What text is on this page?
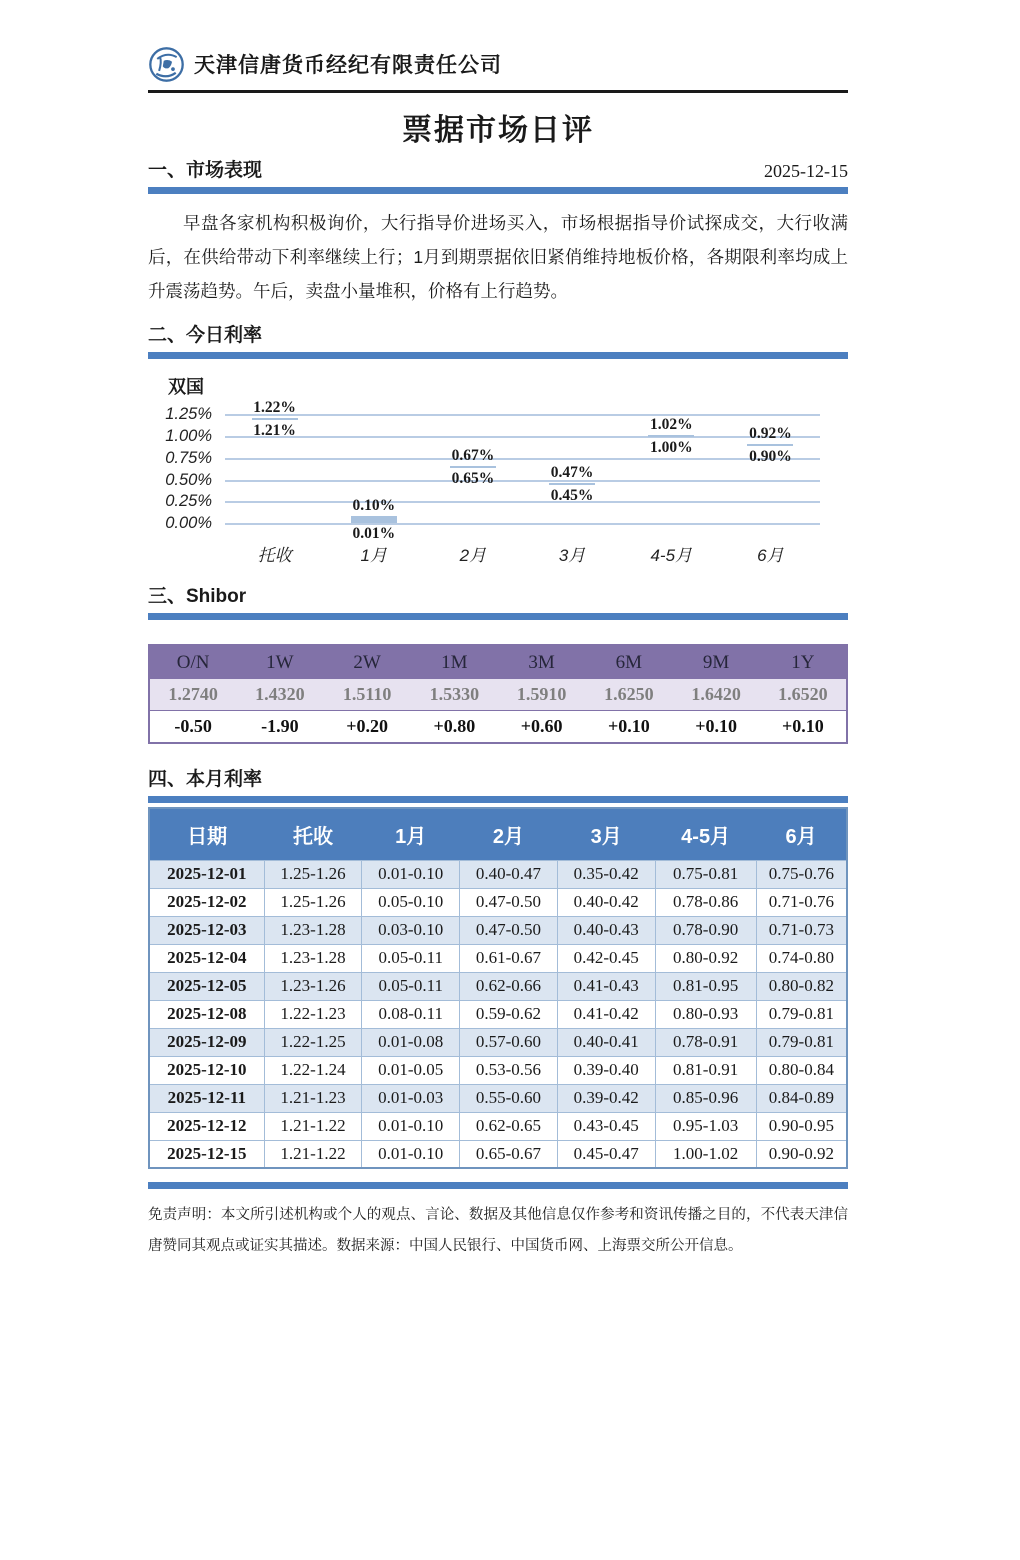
天津信唐货币经纪有限责任公司
票据市场日评
一、市场表现	2025-12-15
早盘各家机构积极询价，大行指导价进场买入，市场根据指导价试探成交，大行收满后，在供给带动下利率继续上行；1月到期票据依旧紧俏维持地板价格，各期限利率均成上升震荡趋势。午后，卖盘小量堆积，价格有上行趋势。
二、今日利率
双国
1.25%
1.00%
0.75%
0.50%
0.25%
0.00%
1.22%
1.21%
托收
0.10%
0.01%
1月
0.67%
0.65%
2月
0.47%
0.45%
3月
1.02%
1.00%
4-5月
0.92%
0.90%
6月
三、Shibor
O/N	1W	2W	1M	3M	6M	9M	1Y
1.2740	1.4320	1.5110	1.5330	1.5910	1.6250	1.6420	1.6520
-0.50	-1.90	+0.20	+0.80	+0.60	+0.10	+0.10	+0.10
四、本月利率
日期	托收	1月	2月	3月	4-5月	6月
2025-12-01	1.25-1.26	0.01-0.10	0.40-0.47	0.35-0.42	0.75-0.81	0.75-0.76
2025-12-02	1.25-1.26	0.05-0.10	0.47-0.50	0.40-0.42	0.78-0.86	0.71-0.76
2025-12-03	1.23-1.28	0.03-0.10	0.47-0.50	0.40-0.43	0.78-0.90	0.71-0.73
2025-12-04	1.23-1.28	0.05-0.11	0.61-0.67	0.42-0.45	0.80-0.92	0.74-0.80
2025-12-05	1.23-1.26	0.05-0.11	0.62-0.66	0.41-0.43	0.81-0.95	0.80-0.82
2025-12-08	1.22-1.23	0.08-0.11	0.59-0.62	0.41-0.42	0.80-0.93	0.79-0.81
2025-12-09	1.22-1.25	0.01-0.08	0.57-0.60	0.40-0.41	0.78-0.91	0.79-0.81
2025-12-10	1.22-1.24	0.01-0.05	0.53-0.56	0.39-0.40	0.81-0.91	0.80-0.84
2025-12-11	1.21-1.23	0.01-0.03	0.55-0.60	0.39-0.42	0.85-0.96	0.84-0.89
2025-12-12	1.21-1.22	0.01-0.10	0.62-0.65	0.43-0.45	0.95-1.03	0.90-0.95
2025-12-15	1.21-1.22	0.01-0.10	0.65-0.67	0.45-0.47	1.00-1.02	0.90-0.92
免责声明：本文所引述机构或个人的观点、言论、数据及其他信息仅作参考和资讯传播之目的，不代表天津信唐赞同其观点或证实其描述。数据来源：中国人民银行、中国货币网、上海票交所公开信息。
